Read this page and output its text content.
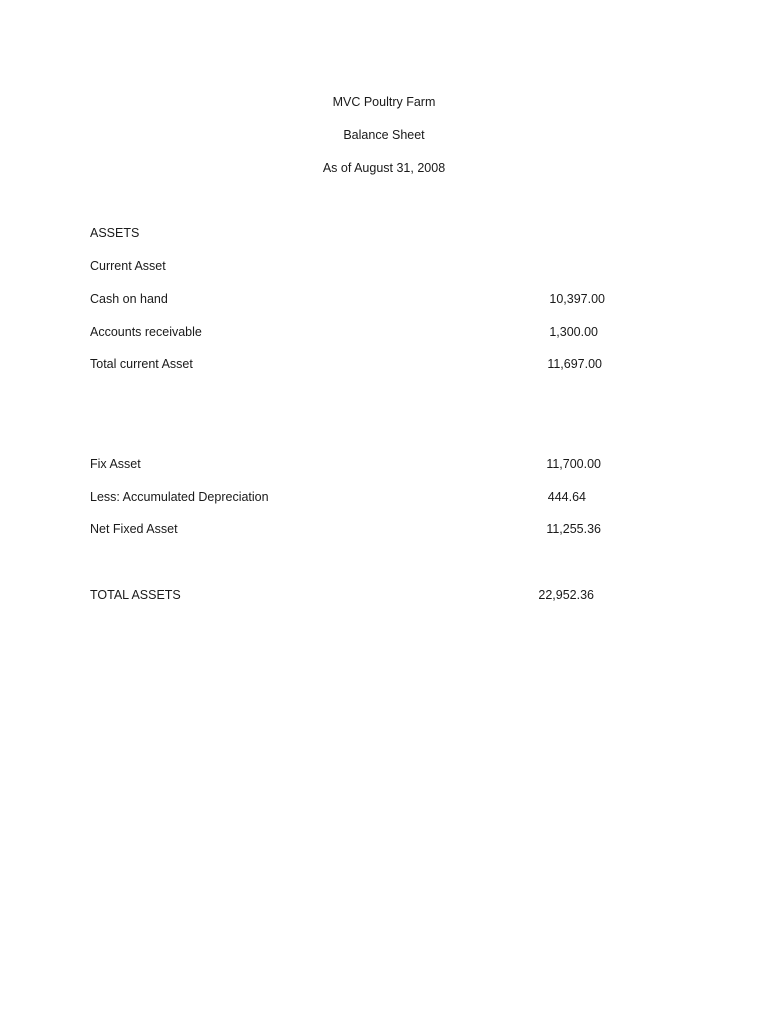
MVC Poultry Farm
Balance Sheet
As of August 31, 2008
ASSETS
Current Asset
Cash on hand	10,397.00
Accounts receivable	1,300.00
Total current Asset	11,697.00
Fix Asset	11,700.00
Less: Accumulated Depreciation	444.64
Net Fixed Asset	11,255.36
TOTAL ASSETS	22,952.36
